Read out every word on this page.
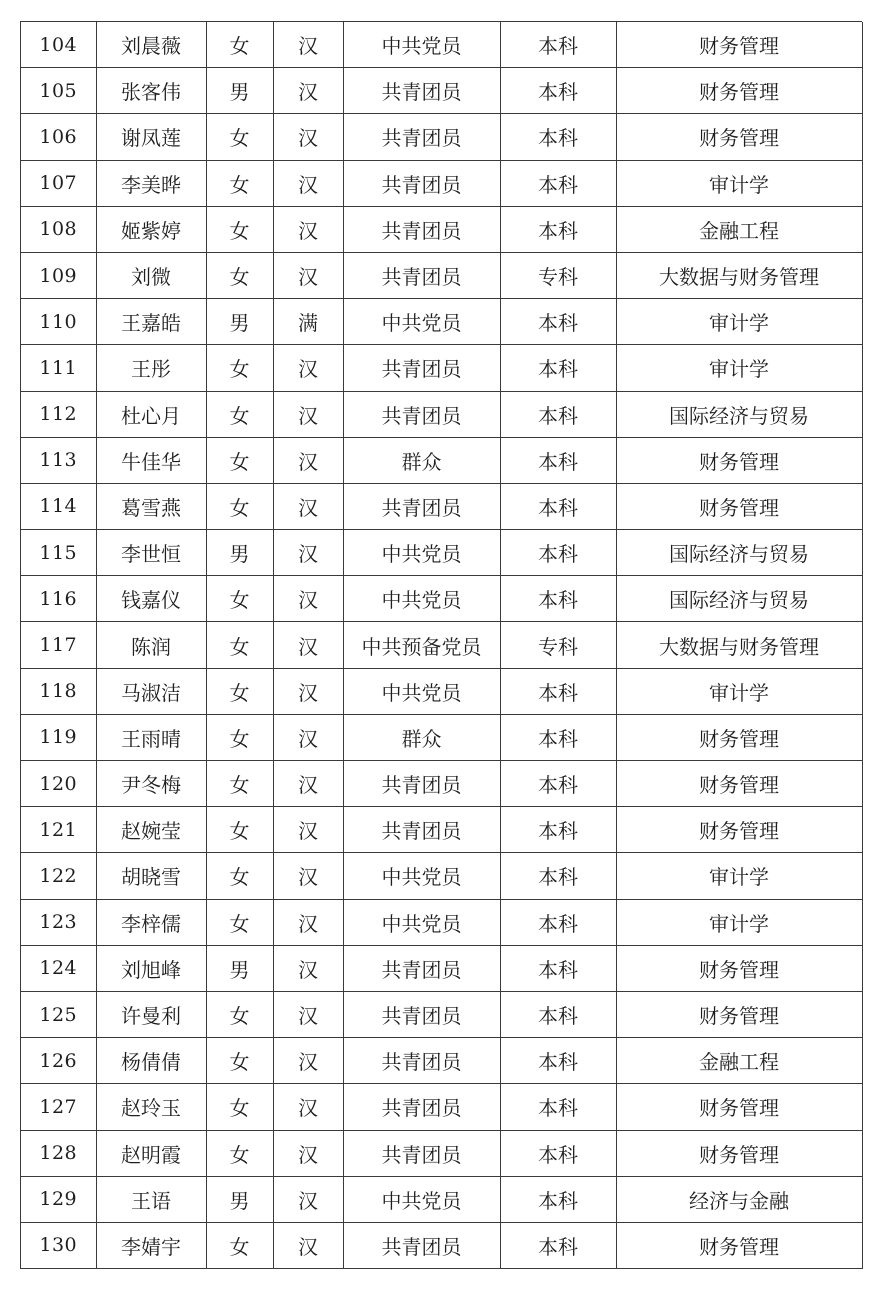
104	刘晨薇	女	汉	中共党员	本科	财务管理
105	张客伟	男	汉	共青团员	本科	财务管理
106	谢凤莲	女	汉	共青团员	本科	财务管理
107	李美晔	女	汉	共青团员	本科	审计学
108	姬紫婷	女	汉	共青团员	本科	金融工程
109	刘微	女	汉	共青团员	专科	大数据与财务管理
110	王嘉皓	男	满	中共党员	本科	审计学
111	王彤	女	汉	共青团员	本科	审计学
112	杜心月	女	汉	共青团员	本科	国际经济与贸易
113	牛佳华	女	汉	群众	本科	财务管理
114	葛雪燕	女	汉	共青团员	本科	财务管理
115	李世恒	男	汉	中共党员	本科	国际经济与贸易
116	钱嘉仪	女	汉	中共党员	本科	国际经济与贸易
117	陈润	女	汉	中共预备党员	专科	大数据与财务管理
118	马淑洁	女	汉	中共党员	本科	审计学
119	王雨晴	女	汉	群众	本科	财务管理
120	尹冬梅	女	汉	共青团员	本科	财务管理
121	赵婉莹	女	汉	共青团员	本科	财务管理
122	胡晓雪	女	汉	中共党员	本科	审计学
123	李梓儒	女	汉	中共党员	本科	审计学
124	刘旭峰	男	汉	共青团员	本科	财务管理
125	许曼利	女	汉	共青团员	本科	财务管理
126	杨倩倩	女	汉	共青团员	本科	金融工程
127	赵玲玉	女	汉	共青团员	本科	财务管理
128	赵明霞	女	汉	共青团员	本科	财务管理
129	王语	男	汉	中共党员	本科	经济与金融
130	李婧宇	女	汉	共青团员	本科	财务管理
